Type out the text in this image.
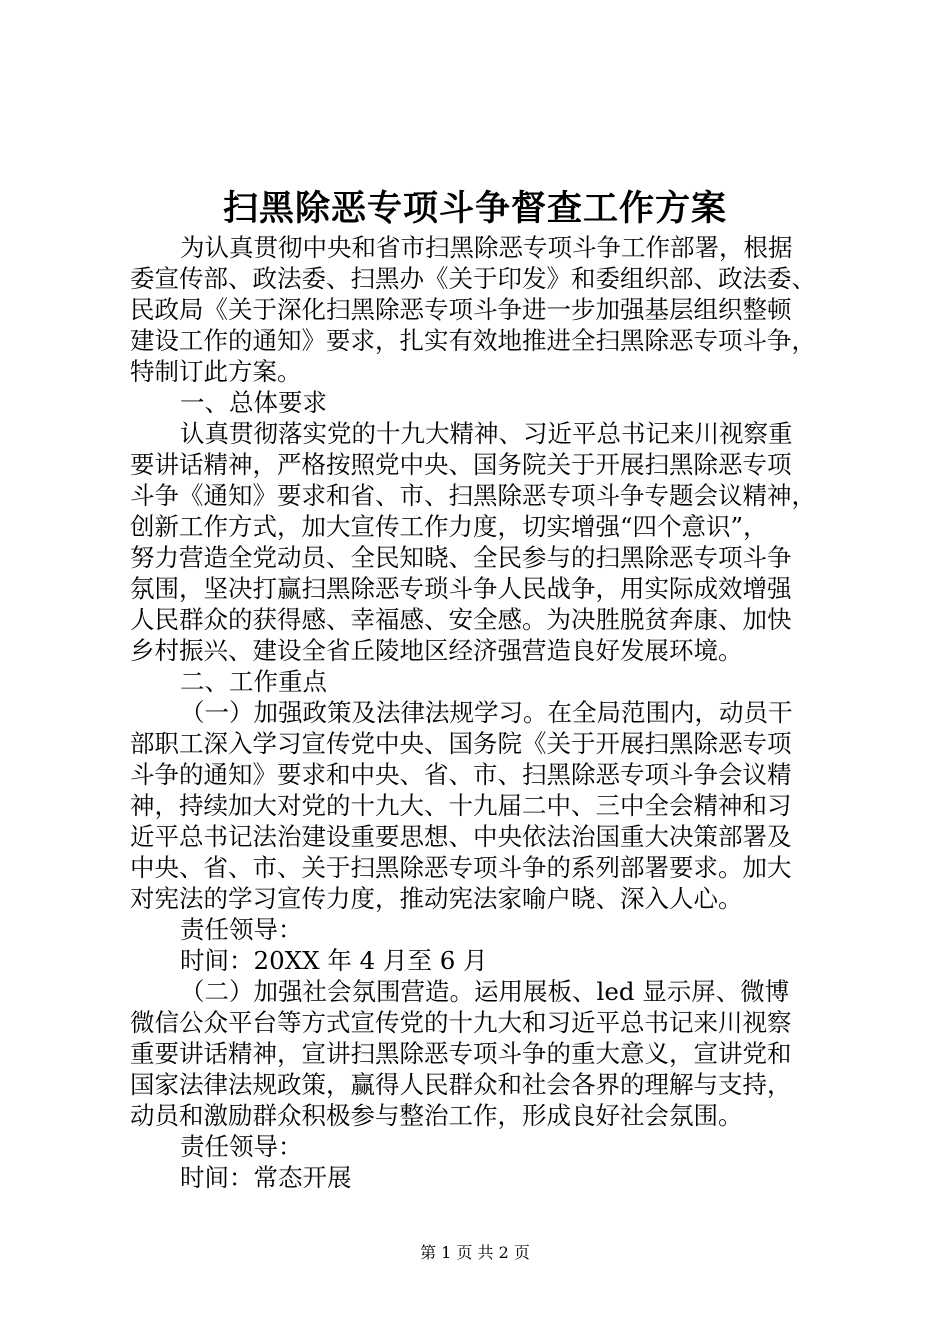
扫黑除恶专项斗争督查工作方案
为认真贯彻中央和省市扫黑除恶专项斗争工作部署，根据
委宣传部、政法委、扫黑办《关于印发》和委组织部、政法委、
民政局《关于深化扫黑除恶专项斗争进一步加强基层组织整顿
建设工作的通知》要求，扎实有效地推进全扫黑除恶专项斗争，
特制订此方案。
一、总体要求
认真贯彻落实党的十九大精神、习近平总书记来川视察重
要讲话精神，严格按照党中央、国务院关于开展扫黑除恶专项
斗争《通知》要求和省、市、扫黑除恶专项斗争专题会议精神，
创新工作方式，加大宣传工作力度，切实增强“四个意识”，
努力营造全党动员、全民知晓、全民参与的扫黑除恶专项斗争
氛围，坚决打赢扫黑除恶专琐斗争人民战争，用实际成效增强
人民群众的获得感、幸福感、安全感。为决胜脱贫奔康、加快
乡村振兴、建设全省丘陵地区经济强营造良好发展环境。
二、工作重点
（一）加强政策及法律法规学习。在全局范围内，动员干
部职工深入学习宣传党中央、国务院《关于开展扫黑除恶专项
斗争的通知》要求和中央、省、市、扫黑除恶专项斗争会议精
神，持续加大对党的十九大、十九届二中、三中全会精神和习
近平总书记法治建设重要思想、中央依法治国重大决策部署及
中央、省、市、关于扫黑除恶专项斗争的系列部署要求。加大
对宪法的学习宣传力度，推动宪法家喻户晓、深入人心。
责任领导：
时间：20XX 年 4 月至 6 月
（二）加强社会氛围营造。运用展板、led 显示屏、微博
微信公众平台等方式宣传党的十九大和习近平总书记来川视察
重要讲话精神，宣讲扫黑除恶专项斗争的重大意义，宣讲党和
国家法律法规政策，赢得人民群众和社会各界的理解与支持，
动员和激励群众积极参与整治工作，形成良好社会氛围。
责任领导：
时间：常态开展
第 1 页 共 2 页
